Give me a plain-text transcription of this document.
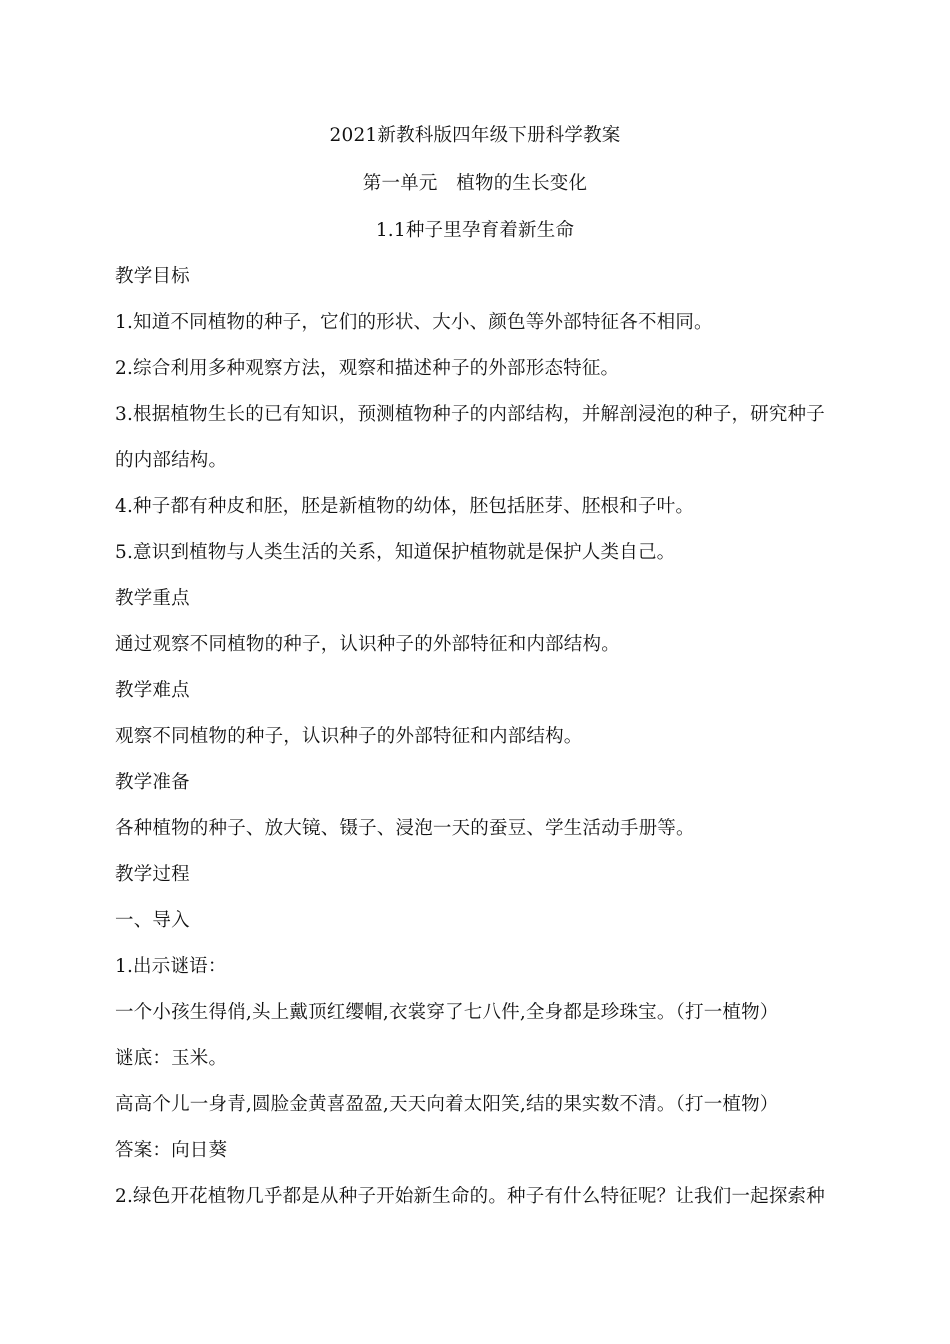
2021新教科版四年级下册科学教案
第一单元　植物的生长变化
1.1种子里孕育着新生命
教学目标
1.知道不同植物的种子，它们的形状、大小、颜色等外部特征各不相同。
2.综合利用多种观察方法，观察和描述种子的外部形态特征。
3.根据植物生长的已有知识，预测植物种子的内部结构，并解剖浸泡的种子，研究种子
的内部结构。
4.种子都有种皮和胚，胚是新植物的幼体，胚包括胚芽、胚根和子叶。
5.意识到植物与人类生活的关系，知道保护植物就是保护人类自己。
教学重点
通过观察不同植物的种子，认识种子的外部特征和内部结构。
教学难点
观察不同植物的种子，认识种子的外部特征和内部结构。
教学准备
各种植物的种子、放大镜、镊子、浸泡一天的蚕豆、学生活动手册等。
教学过程
一、导入
1.出示谜语：
一个小孩生得俏,头上戴顶红缨帽,衣裳穿了七八件,全身都是珍珠宝。（打一植物）
谜底：玉米。
高高个儿一身青,圆脸金黄喜盈盈,天天向着太阳笑,结的果实数不清。（打一植物）
答案：向日葵
2.绿色开花植物几乎都是从种子开始新生命的。种子有什么特征呢？让我们一起探索种
